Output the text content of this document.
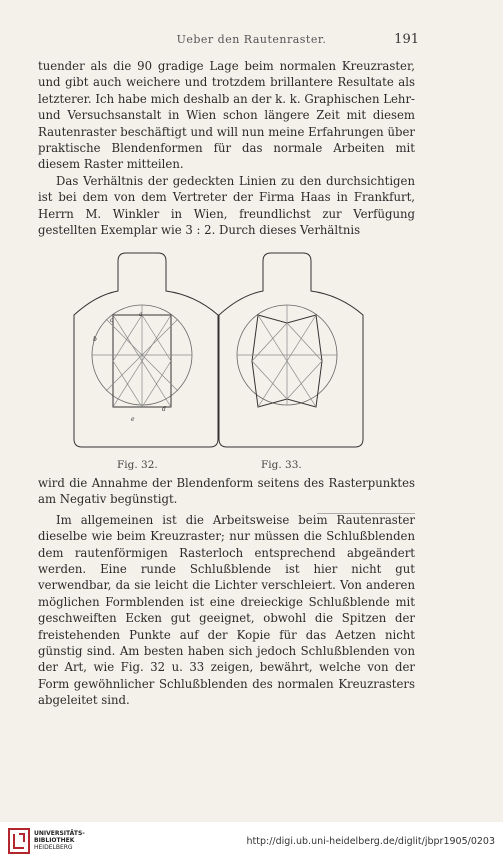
Ueber den Rautenraster.	191

tuender als die 90 gradige Lage beim normalen Kreuzraster, und gibt auch weichere und trotzdem brillantere Resultate als letzterer. Ich habe mich deshalb an der k. k. Graphischen Lehr- und Versuchsanstalt in Wien schon längere Zeit mit diesem Rautenraster beschäftigt und will nun meine Erfahrungen über praktische Blendenformen für das normale Arbeiten mit diesem Raster mitteilen.

Das Verhältnis der gedeckten Linien zu den durchsichtigen ist bei dem von dem Vertreter der Firma Haas in Frankfurt, Herrn M. Winkler in Wien, freundlichst zur Verfügung gestellten Exemplar wie 3 : 2. Durch dieses Verhältnis

a
b
c
d
e
Fig. 32.	Fig. 33.

wird die Annahme der Blendenform seitens des Rasterpunktes am Negativ begünstigt.

Im allgemeinen ist die Arbeitsweise beim Rautenraster dieselbe wie beim Kreuzraster; nur müssen die Schlußblenden dem rautenförmigen Rasterloch entsprechend abgeändert werden. Eine runde Schlußblende ist hier nicht gut verwendbar, da sie leicht die Lichter verschleiert. Von anderen möglichen Formblenden ist eine dreieckige Schlußblende mit geschweiften Ecken gut geeignet, obwohl die Spitzen der freistehenden Punkte auf der Kopie für das Aetzen nicht günstig sind. Am besten haben sich jedoch Schlußblenden von der Art, wie Fig. 32 u. 33 zeigen, bewährt, welche von der Form gewöhnlicher Schlußblenden des normalen Kreuzrasters abgeleitet sind.

UNIVERSITÄTS-
BIBLIOTHEK
HEIDELBERG
http://digi.ub.uni-heidelberg.de/diglit/jbpr1905/0203
